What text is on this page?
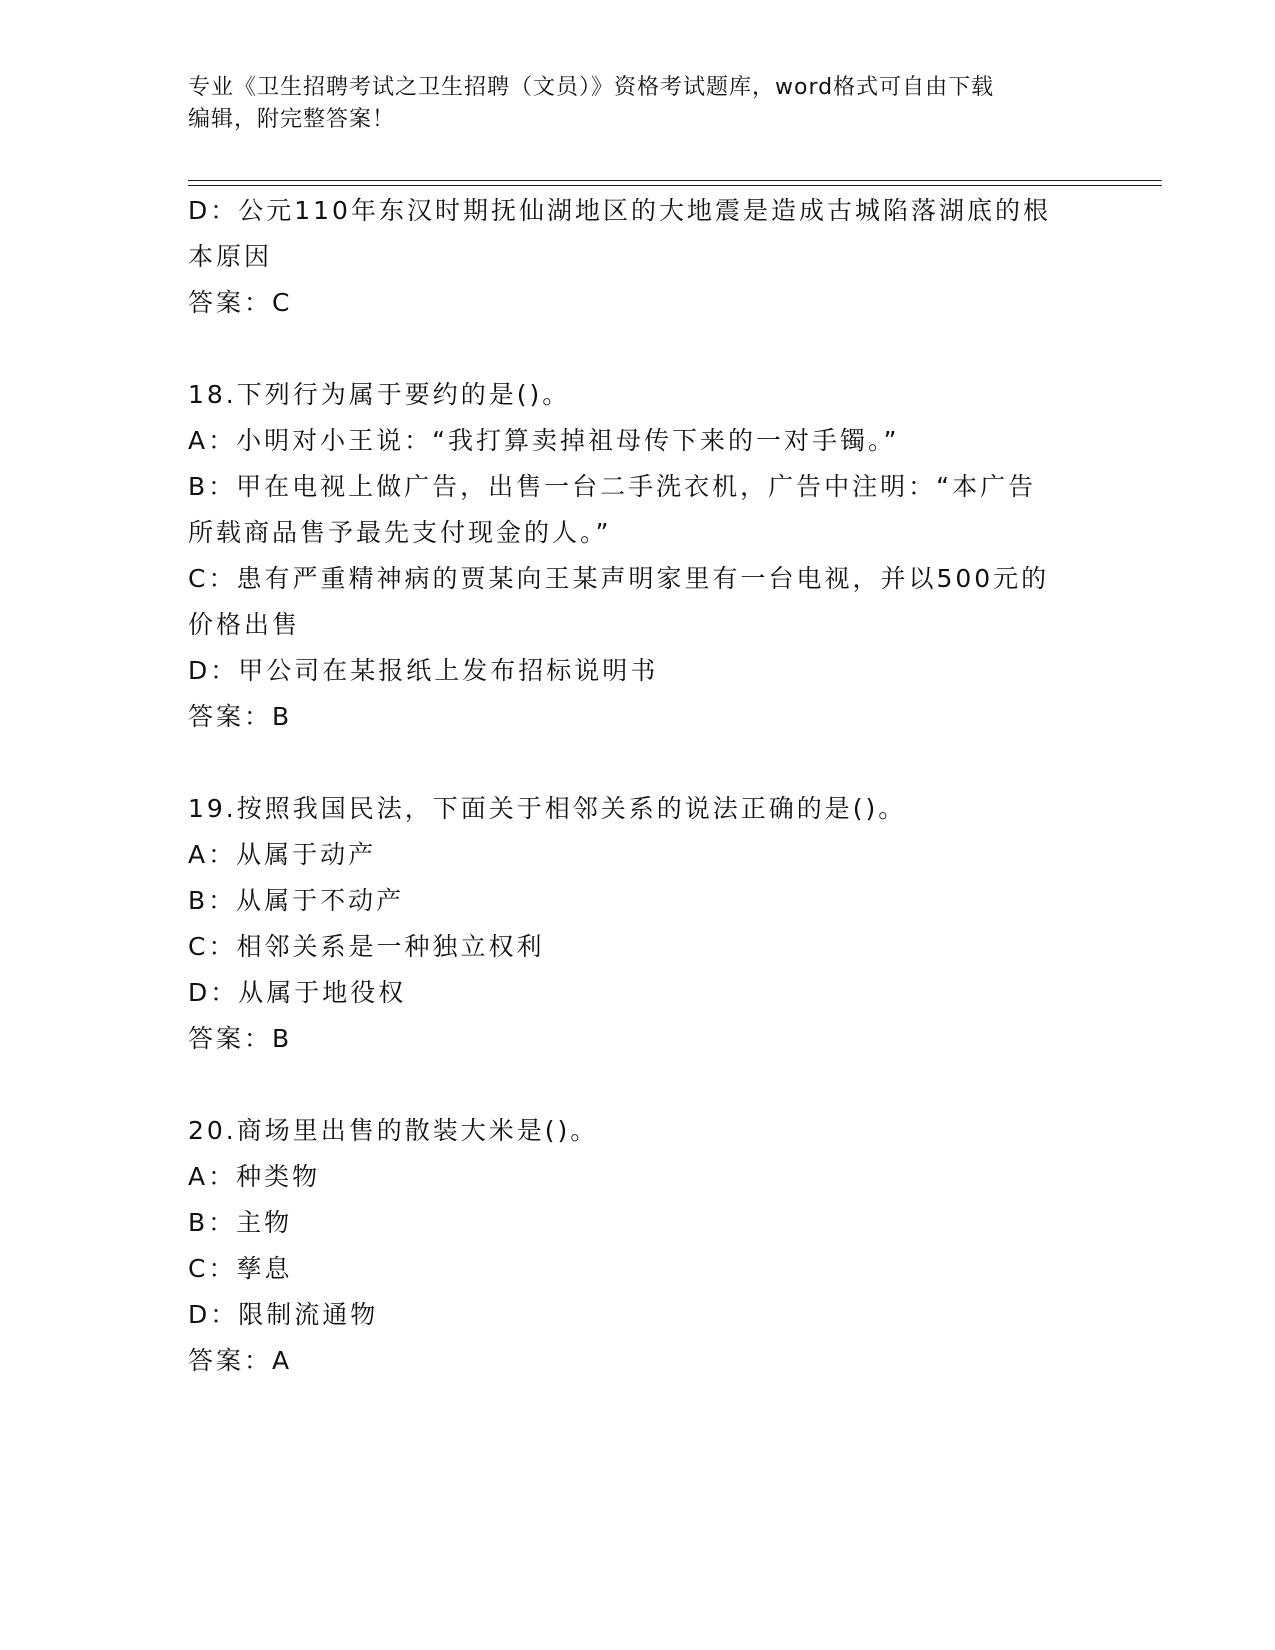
专业《卫生招聘考试之卫生招聘（文员）》资格考试题库，word格式可自由下载
编辑，附完整答案！
D：公元110年东汉时期抚仙湖地区的大地震是造成古城陷落湖底的根
本原因
答案：C
18.下列行为属于要约的是()。
A：小明对小王说：“我打算卖掉祖母传下来的一对手镯。”
B：甲在电视上做广告，出售一台二手洗衣机，广告中注明：“本广告
所载商品售予最先支付现金的人。”
C：患有严重精神病的贾某向王某声明家里有一台电视，并以500元的
价格出售
D：甲公司在某报纸上发布招标说明书
答案：B
19.按照我国民法，下面关于相邻关系的说法正确的是()。
A：从属于动产
B：从属于不动产
C：相邻关系是一种独立权利
D：从属于地役权
答案：B
20.商场里出售的散装大米是()。
A：种类物
B：主物
C：孳息
D：限制流通物
答案：A
